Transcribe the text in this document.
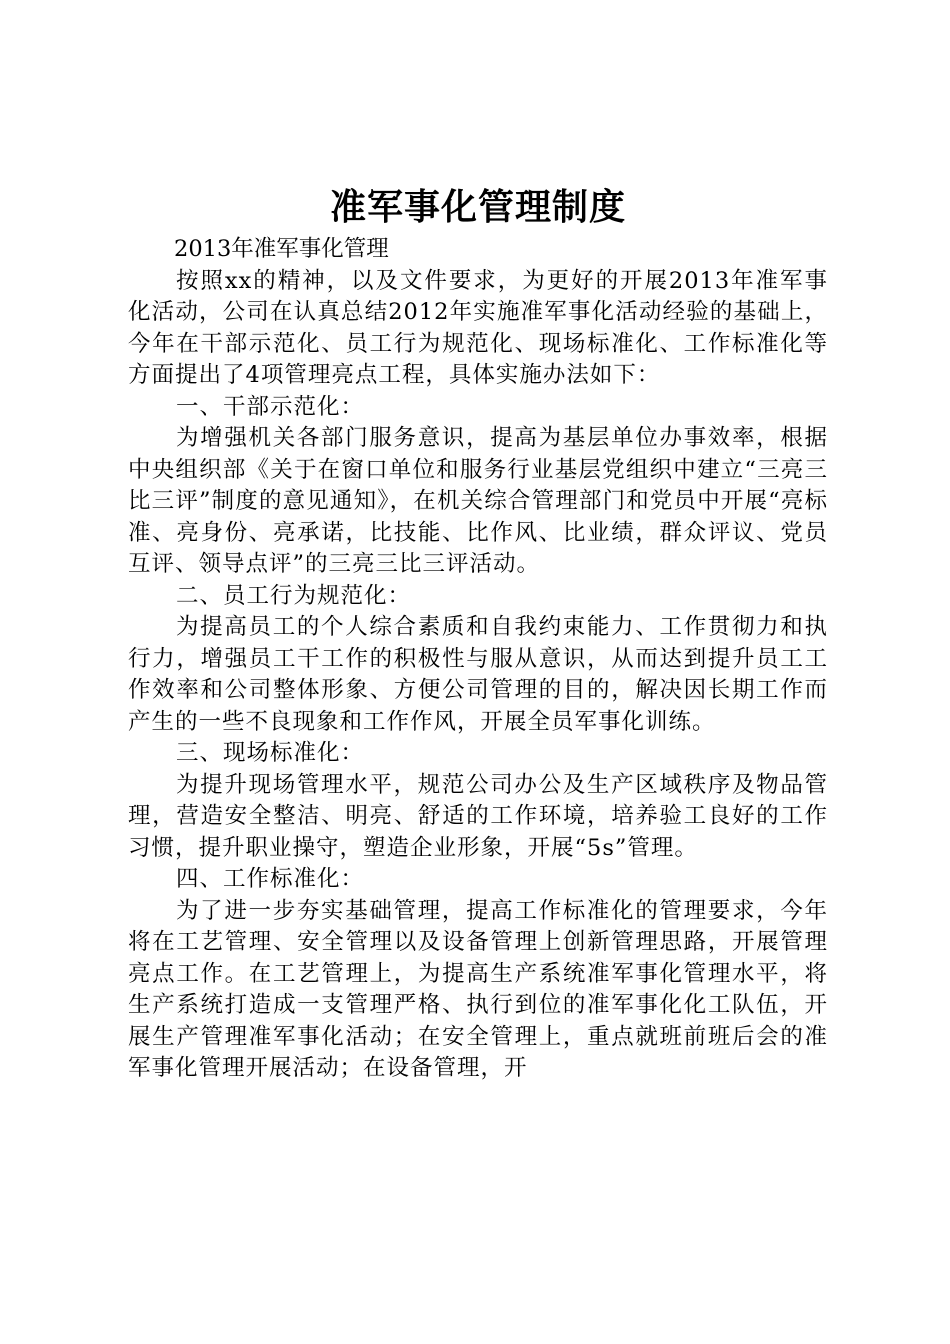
准军事化管理制度

2013年准军事化管理

按照xx的精神，以及文件要求，为更好的开展2013年准军事化活动，公司在认真总结2012年实施准军事化活动经验的基础上，今年在干部示范化、员工行为规范化、现场标准化、工作标准化等方面提出了4项管理亮点工程，具体实施办法如下：

一、干部示范化：

为增强机关各部门服务意识，提高为基层单位办事效率，根据中央组织部《关于在窗口单位和服务行业基层党组织中建立“三亮三比三评”制度的意见通知》，在机关综合管理部门和党员中开展“亮标准、亮身份、亮承诺，比技能、比作风、比业绩，群众评议、党员互评、领导点评”的三亮三比三评活动。

二、员工行为规范化：

为提高员工的个人综合素质和自我约束能力、工作贯彻力和执行力，增强员工干工作的积极性与服从意识，从而达到提升员工工作效率和公司整体形象、方便公司管理的目的，解决因长期工作而产生的一些不良现象和工作作风，开展全员军事化训练。

三、现场标准化：

为提升现场管理水平，规范公司办公及生产区域秩序及物品管理，营造安全整洁、明亮、舒适的工作环境，培养验工良好的工作习惯，提升职业操守，塑造企业形象，开展“5s”管理。

四、工作标准化：

为了进一步夯实基础管理，提高工作标准化的管理要求，今年将在工艺管理、安全管理以及设备管理上创新管理思路，开展管理亮点工作。在工艺管理上，为提高生产系统准军事化管理水平，将生产系统打造成一支管理严格、执行到位的准军事化化工队伍，开展生产管理准军事化活动；在安全管理上，重点就班前班后会的准军事化管理开展活动；在设备管理，开
